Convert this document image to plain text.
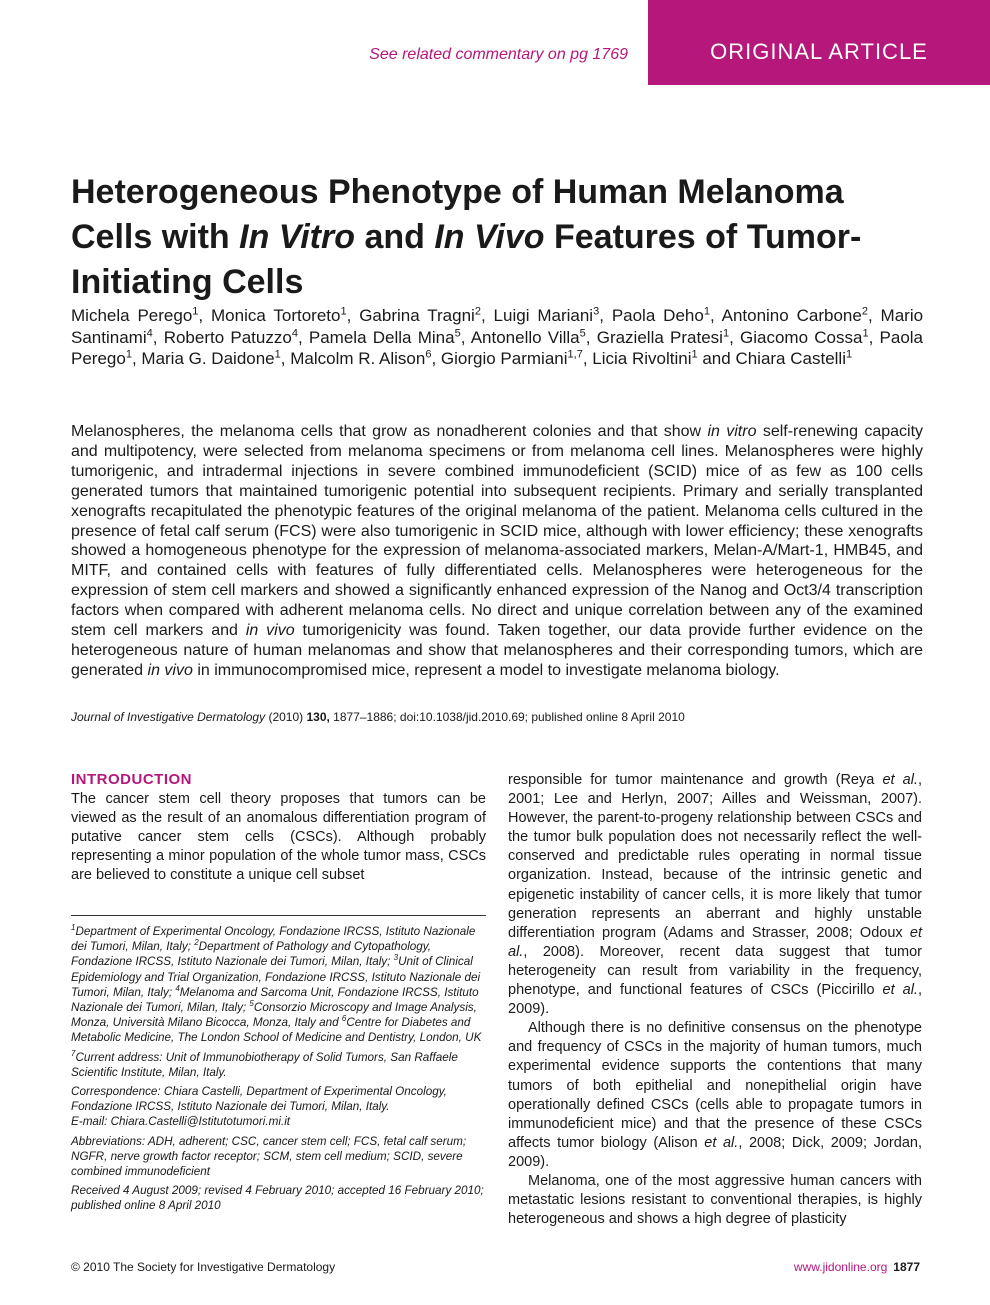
See related commentary on pg 1769	ORIGINAL ARTICLE
Heterogeneous Phenotype of Human Melanoma Cells with In Vitro and In Vivo Features of Tumor-Initiating Cells
Michela Perego$^1$, Monica Tortoreto$^1$, Gabrina Tragni$^2$, Luigi Mariani$^3$, Paola Deho$^1$, Antonino Carbone$^2$, Mario Santinami$^4$, Roberto Patuzzo$^4$, Pamela Della Mina$^5$, Antonello Villa$^5$, Graziella Pratesi$^1$, Giacomo Cossa$^1$, Paola Perego$^1$, Maria G. Daidone$^1$, Malcolm R. Alison$^6$, Giorgio Parmiani$^{1,7}$, Licia Rivoltini$^1$ and Chiara Castelli$^1$

Melanospheres, the melanoma cells that grow as nonadherent colonies and that show in vitro self-renewing capacity and multipotency, were selected from melanoma specimens or from melanoma cell lines. Melanospheres were highly tumorigenic, and intradermal injections in severe combined immunodeficient (SCID) mice of as few as 100 cells generated tumors that maintained tumorigenic potential into subsequent recipients. Primary and serially transplanted xenografts recapitulated the phenotypic features of the original melanoma of the patient. Melanoma cells cultured in the presence of fetal calf serum (FCS) were also tumorigenic in SCID mice, although with lower efficiency; these xenografts showed a homogeneous phenotype for the expression of melanoma-associated markers, Melan-A/Mart-1, HMB45, and MITF, and contained cells with features of fully differentiated cells. Melanospheres were heterogeneous for the expression of stem cell markers and showed a significantly enhanced expression of the Nanog and Oct3/4 transcription factors when compared with adherent melanoma cells. No direct and unique correlation between any of the examined stem cell markers and in vivo tumorigenicity was found. Taken together, our data provide further evidence on the heterogeneous nature of human melanomas and show that melanospheres and their corresponding tumors, which are generated in vivo in immunocompromised mice, represent a model to investigate melanoma biology.

Journal of Investigative Dermatology (2010) 130, 1877–1886; doi:10.1038/jid.2010.69; published online 8 April 2010
INTRODUCTION

The cancer stem cell theory proposes that tumors can be viewed as the result of an anomalous differentiation program of putative cancer stem cells (CSCs). Although probably representing a minor population of the whole tumor mass, CSCs are believed to constitute a unique cell subset

$^1$Department of Experimental Oncology, Fondazione IRCSS, Istituto Nazionale dei Tumori, Milan, Italy; $^2$Department of Pathology and Cytopathology, Fondazione IRCSS, Istituto Nazionale dei Tumori, Milan, Italy; $^3$Unit of Clinical Epidemiology and Trial Organization, Fondazione IRCSS, Istituto Nazionale dei Tumori, Milan, Italy; $^4$Melanoma and Sarcoma Unit, Fondazione IRCSS, Istituto Nazionale dei Tumori, Milan, Italy; $^5$Consorzio Microscopy and Image Analysis, Monza, Università Milano Bicocca, Monza, Italy and $^6$Centre for Diabetes and Metabolic Medicine, The London School of Medicine and Dentistry, London, UK

$^7$Current address: Unit of Immunobiotherapy of Solid Tumors, San Raffaele Scientific Institute, Milan, Italy.

Correspondence: Chiara Castelli, Department of Experimental Oncology, Fondazione IRCSS, Istituto Nazionale dei Tumori, Milan, Italy.
E-mail: Chiara.Castelli@Istitutotumori.mi.it

Abbreviations: ADH, adherent; CSC, cancer stem cell; FCS, fetal calf serum; NGFR, nerve growth factor receptor; SCM, stem cell medium; SCID, severe combined immunodeficient

Received 4 August 2009; revised 4 February 2010; accepted 16 February 2010; published online 8 April 2010

responsible for tumor maintenance and growth (Reya et al., 2001; Lee and Herlyn, 2007; Ailles and Weissman, 2007). However, the parent-to-progeny relationship between CSCs and the tumor bulk population does not necessarily reflect the well-conserved and predictable rules operating in normal tissue organization. Instead, because of the intrinsic genetic and epigenetic instability of cancer cells, it is more likely that tumor generation represents an aberrant and highly unstable differentiation program (Adams and Strasser, 2008; Odoux et al., 2008). Moreover, recent data suggest that tumor heterogeneity can result from variability in the frequency, phenotype, and functional features of CSCs (Piccirillo et al., 2009).

Although there is no definitive consensus on the phenotype and frequency of CSCs in the majority of human tumors, much experimental evidence supports the contentions that many tumors of both epithelial and nonepithelial origin have operationally defined CSCs (cells able to propagate tumors in immunodeficient mice) and that the presence of these CSCs affects tumor biology (Alison et al., 2008; Dick, 2009; Jordan, 2009).

Melanoma, one of the most aggressive human cancers with metastatic lesions resistant to conventional therapies, is highly heterogeneous and shows a high degree of plasticity

© 2010 The Society for Investigative Dermatology	www.jidonline.org 1877
